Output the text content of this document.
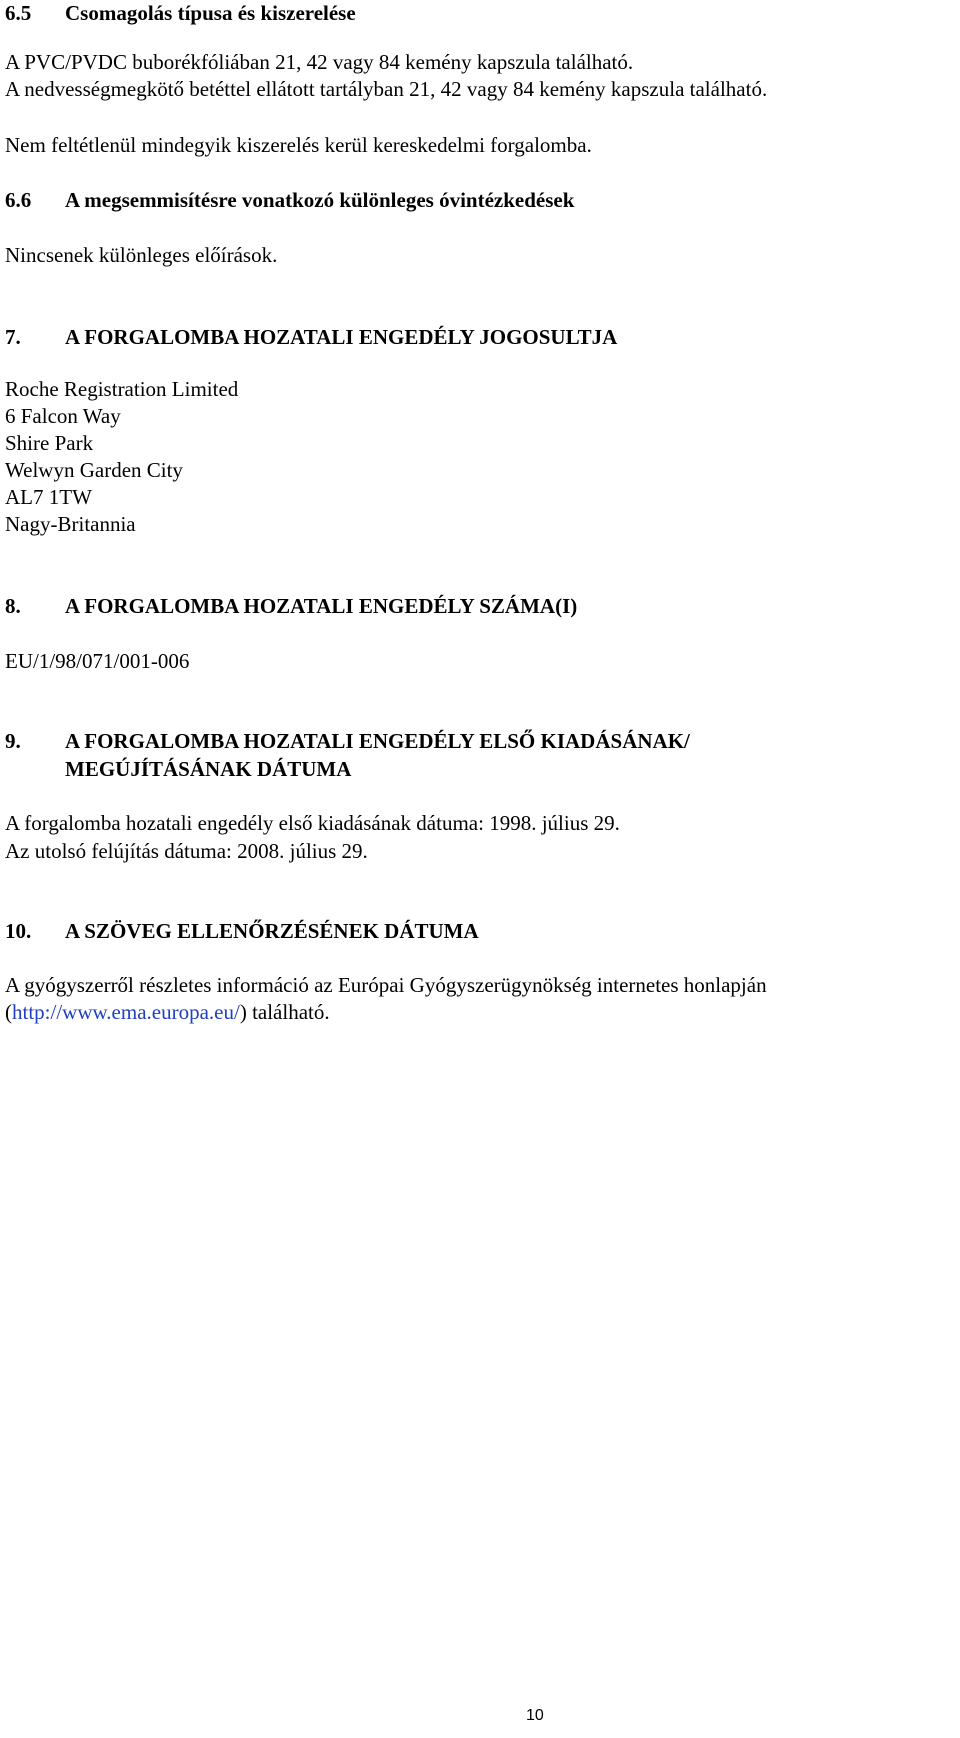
6.5 Csomagolás típusa és kiszerelése
A PVC/PVDC buborékfóliában 21, 42 vagy 84 kemény kapszula található.
A nedvességmegkötő betéttel ellátott tartályban 21, 42 vagy 84 kemény kapszula található.
Nem feltétlenül mindegyik kiszerelés kerül kereskedelmi forgalomba.
6.6 A megsemmisítésre vonatkozó különleges óvintézkedések
Nincsenek különleges előírások.
7. A FORGALOMBA HOZATALI ENGEDÉLY JOGOSULTJA
Roche Registration Limited
6 Falcon Way
Shire Park
Welwyn Garden City
AL7 1TW
Nagy-Britannia
8. A FORGALOMBA HOZATALI ENGEDÉLY SZÁMA(I)
EU/1/98/071/001-006
9. A FORGALOMBA HOZATALI ENGEDÉLY ELSŐ KIADÁSÁNAK/
MEGÚJÍTÁSÁNAK DÁTUMA
A forgalomba hozatali engedély első kiadásának dátuma: 1998. július 29.
Az utolsó felújítás dátuma: 2008. július 29.
10. A SZÖVEG ELLENŐRZÉSÉNEK DÁTUMA
A gyógyszerről részletes információ az Európai Gyógyszerügynökség internetes honlapján
(http://www.ema.europa.eu/) található.
10
